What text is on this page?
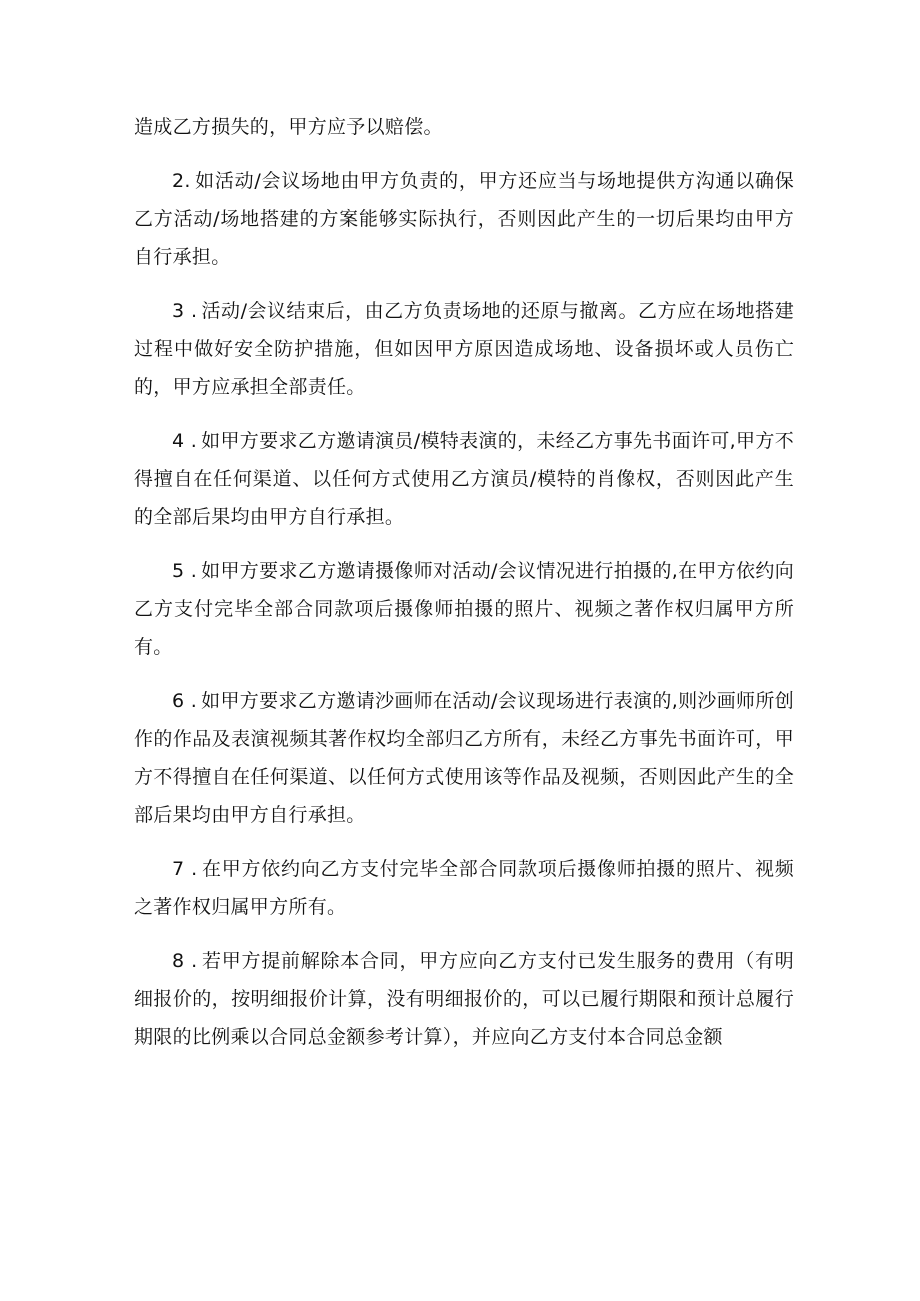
造成乙方损失的，甲方应予以赔偿。

2. 如活动/会议场地由甲方负责的，甲方还应当与场地提供方沟通以确保乙方活动/场地搭建的方案能够实际执行，否则因此产生的一切后果均由甲方自行承担。

3 . 活动/会议结束后，由乙方负责场地的还原与撤离。乙方应在场地搭建过程中做好安全防护措施，但如因甲方原因造成场地、设备损坏或人员伤亡的，甲方应承担全部责任。

4 . 如甲方要求乙方邀请演员/模特表演的，未经乙方事先书面许可,甲方不得擅自在任何渠道、以任何方式使用乙方演员/模特的肖像权，否则因此产生的全部后果均由甲方自行承担。

5 . 如甲方要求乙方邀请摄像师对活动/会议情况进行拍摄的,在甲方依约向乙方支付完毕全部合同款项后摄像师拍摄的照片、视频之著作权归属甲方所有。

6 . 如甲方要求乙方邀请沙画师在活动/会议现场进行表演的,则沙画师所创作的作品及表演视频其著作权均全部归乙方所有，未经乙方事先书面许可，甲方不得擅自在任何渠道、以任何方式使用该等作品及视频，否则因此产生的全部后果均由甲方自行承担。

7 . 在甲方依约向乙方支付完毕全部合同款项后摄像师拍摄的照片、视频之著作权归属甲方所有。

8 . 若甲方提前解除本合同，甲方应向乙方支付已发生服务的费用（有明细报价的，按明细报价计算，没有明细报价的，可以已履行期限和预计总履行期限的比例乘以合同总金额参考计算），并应向乙方支付本合同总金额
